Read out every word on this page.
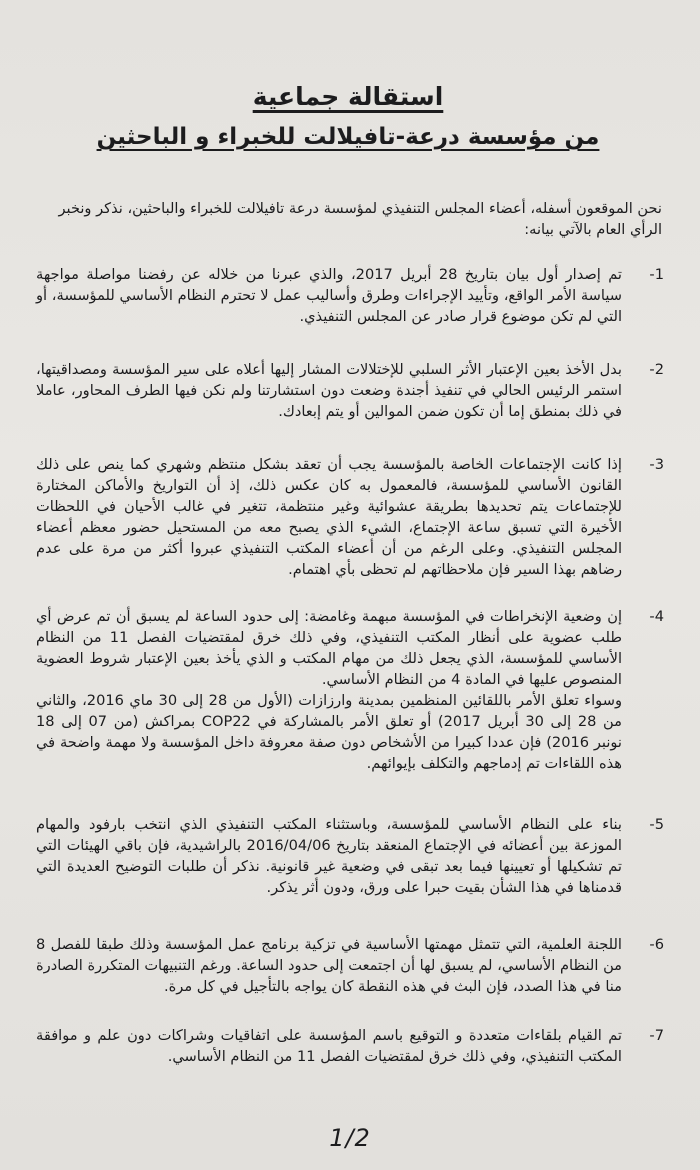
استقالة جماعية
من مؤسسة درعة-تافيلالت للخبراء و الباحثين

نحن الموقعون أسفله، أعضاء المجلس التنفيذي لمؤسسة درعة تافيلالت للخبراء والباحثين، نذكر ونخبر الرأي العام بالآتي بيانه:

1-
تم إصدار أول بيان بتاريخ 28 أبريل 2017، والذي عبرنا من خلاله عن رفضنا مواصلة مواجهة سياسة الأمر الواقع، وتأييد الإجراءات وطرق وأساليب عمل لا تحترم النظام الأساسي للمؤسسة، أو التي لم تكن موضوع قرار صادر عن المجلس التنفيذي.
2-
بدل الأخذ بعين الإعتبار الأثر السلبي للإختلالات المشار إليها أعلاه على سير المؤسسة ومصداقيتها، استمر الرئيس الحالي في تنفيذ أجندة وضعت دون استشارتنا ولم نكن فيها الطرف المحاور، عاملا في ذلك بمنطق إما أن تكون ضمن الموالين أو يتم إبعادك.
3-
إذا كانت الإجتماعات الخاصة بالمؤسسة يجب أن تعقد بشكل منتظم وشهري كما ينص على ذلك القانون الأساسي للمؤسسة، فالمعمول به كان عكس ذلك، إذ أن التواريخ والأماكن المختارة للإجتماعات يتم تحديدها بطريقة عشوائية وغير منتظمة، تتغير في غالب الأحيان في اللحظات الأخيرة التي تسبق ساعة الإجتماع، الشيء الذي يصبح معه من المستحيل حضور معظم أعضاء المجلس التنفيذي. وعلى الرغم من أن أعضاء المكتب التنفيذي عبروا أكثر من مرة على عدم رضاهم بهذا السير فإن ملاحظاتهم لم تحظى بأي اهتمام.
4-
إن وضعية الإنخراطات في المؤسسة مبهمة وغامضة: إلى حدود الساعة لم يسبق أن تم عرض أي طلب عضوية على أنظار المكتب التنفيذي، وفي ذلك خرق لمقتضيات الفصل 11 من النظام الأساسي للمؤسسة، الذي يجعل ذلك من مهام المكتب و الذي يأخذ بعين الإعتبار شروط العضوية المنصوص عليها في المادة 4 من النظام الأساسي.
وسواء تعلق الأمر باللقائين المنظمين بمدينة وارزازات (الأول من 28 إلى 30 ماي 2016، والثاني من 28 إلى 30 أبريل 2017) أو تعلق الأمر بالمشاركة في COP22 بمراكش (من 07 إلى 18 نونبر 2016) فإن عددا كبيرا من الأشخاص دون صفة معروفة داخل المؤسسة ولا مهمة واضحة في هذه اللقاءات تم إدماجهم والتكلف بإيوائهم.
5-
بناء على النظام الأساسي للمؤسسة، وباستثناء المكتب التنفيذي الذي انتخب بارفود والمهام الموزعة بين أعضائه في الإجتماع المنعقد بتاريخ 2016/04/06 بالراشيدية، فإن باقي الهيئات التي تم تشكيلها أو تعيينها فيما بعد تبقى في وضعية غير قانونية. نذكر أن طلبات التوضيح العديدة التي قدمناها في هذا الشأن بقيت حبرا على ورق، ودون أثر يذكر.
6-
اللجنة العلمية، التي تتمثل مهمتها الأساسية في تزكية برنامج عمل المؤسسة وذلك طبقا للفصل 8 من النظام الأساسي، لم يسبق لها أن اجتمعت إلى حدود الساعة. ورغم التنبيهات المتكررة الصادرة منا في هذا الصدد، فإن البث في هذه النقطة كان يواجه بالتأجيل في كل مرة.
7-
تم القيام بلقاءات متعددة و التوقيع باسم المؤسسة على اتفاقيات وشراكات دون علم و موافقة المكتب التنفيذي، وفي ذلك خرق لمقتضيات الفصل 11 من النظام الأساسي.
1/2
